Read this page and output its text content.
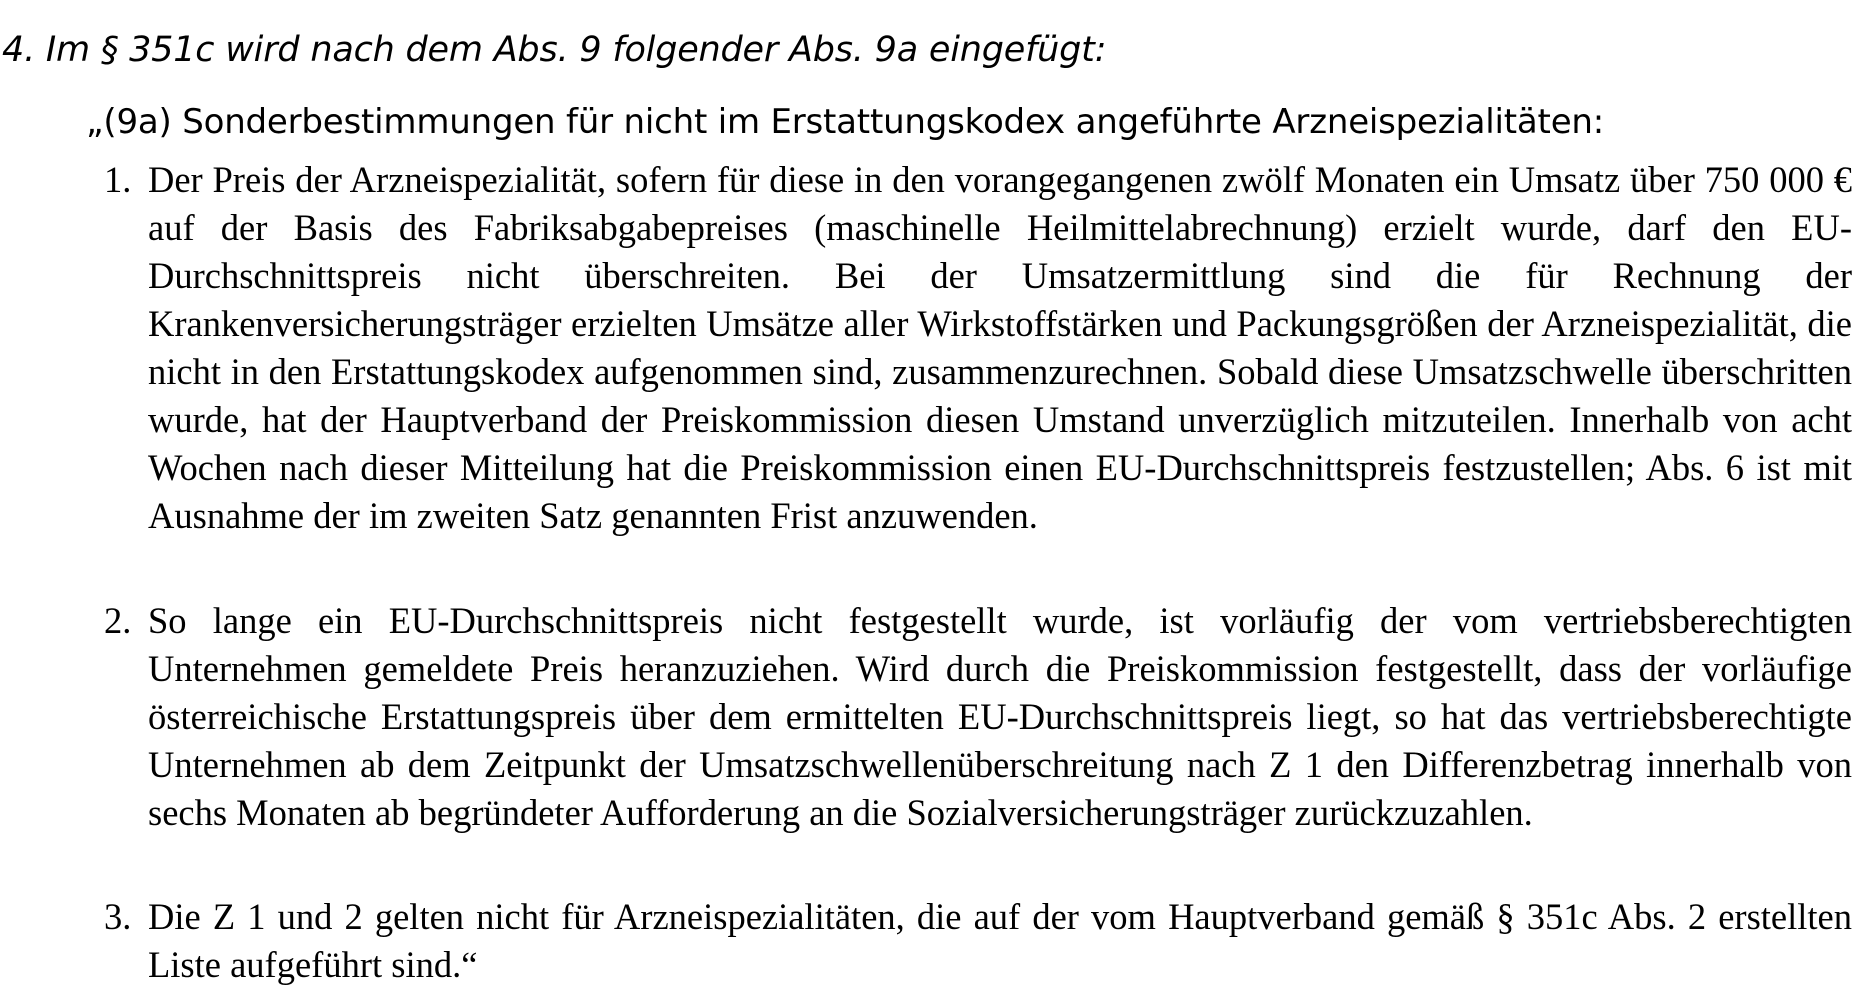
4. Im § 351c wird nach dem Abs. 9 folgender Abs. 9a eingefügt:
„(9a) Sonderbestimmungen für nicht im Erstattungskodex angeführte Arzneispezialitäten:
1. Der Preis der Arzneispezialität, sofern für diese in den vorangegangenen zwölf Monaten ein Umsatz über 750 000 € auf der Basis des Fabriksabgabepreises (maschinelle Heilmittelabrechnung) erzielt wurde, darf den EU-Durchschnittspreis nicht überschreiten. Bei der Umsatzermittlung sind die für Rechnung der Krankenversicherungsträger erzielten Umsätze aller Wirkstoffstärken und Packungsgrößen der Arzneispezialität, die nicht in den Erstattungskodex aufgenommen sind, zusammenzurechnen. Sobald diese Umsatzschwelle überschritten wurde, hat der Hauptverband der Preiskommission diesen Umstand unverzüglich mitzuteilen. Innerhalb von acht Wochen nach dieser Mitteilung hat die Preiskommission einen EU-Durchschnittspreis festzustellen; Abs. 6 ist mit Ausnahme der im zweiten Satz genannten Frist anzuwenden.
2. So lange ein EU-Durchschnittspreis nicht festgestellt wurde, ist vorläufig der vom vertriebsberechtigten Unternehmen gemeldete Preis heranzuziehen. Wird durch die Preiskommission festgestellt, dass der vorläufige österreichische Erstattungspreis über dem ermittelten EU-Durchschnittspreis liegt, so hat das vertriebsberechtigte Unternehmen ab dem Zeitpunkt der Umsatzschwellenüberschreitung nach Z 1 den Differenzbetrag innerhalb von sechs Monaten ab begründeter Aufforderung an die Sozialversicherungsträger zurückzuzahlen.
3. Die Z 1 und 2 gelten nicht für Arzneispezialitäten, die auf der vom Hauptverband gemäß § 351c Abs. 2 erstellten Liste aufgeführt sind.“
